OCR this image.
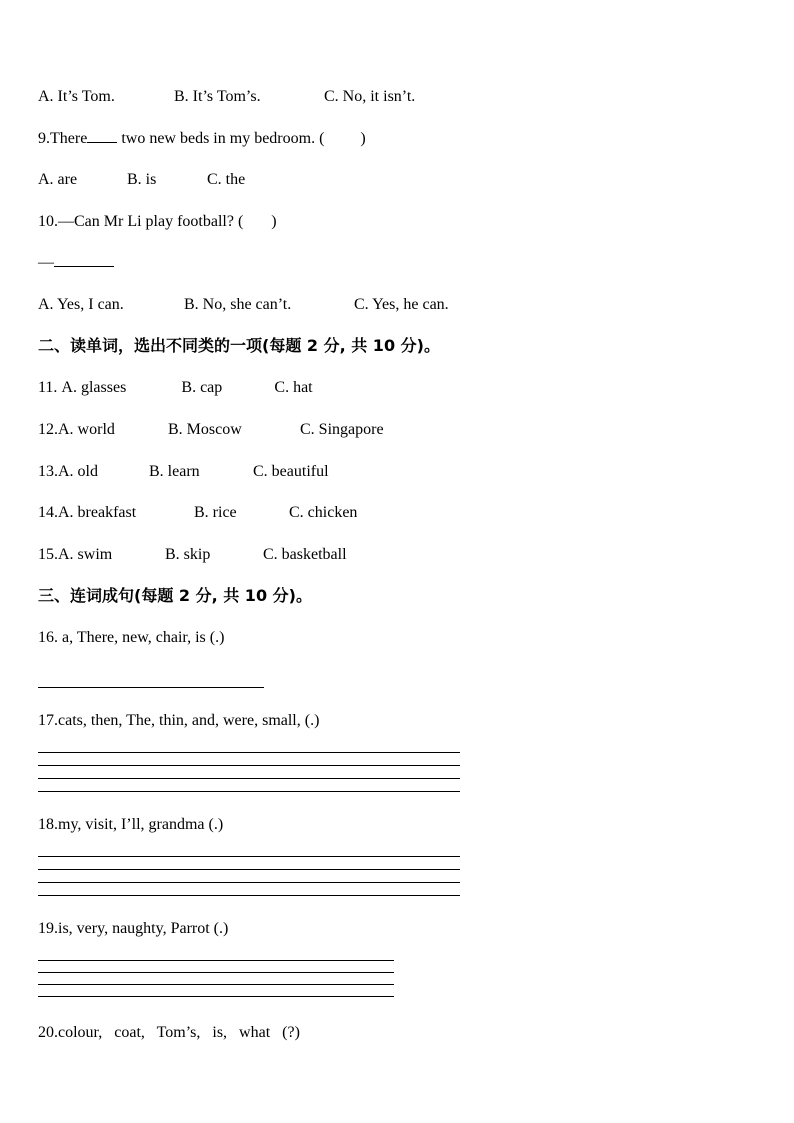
A. It’s Tom.	B. It’s Tom’s.	C. No, it isn’t.
9.There two new beds in my bedroom. ( )
A. are	B. is	C. the
10.—Can Mr Li play football? ( )
—
A. Yes, I can.	B. No, she can’t.	C. Yes, he can.
二、读单词，选出不同类的一项(每题 2 分, 共 10 分)。
11. A. glasses	B. cap	C. hat
12.A. world	B. Moscow	C. Singapore
13.A. old	B. learn	C. beautiful
14.A. breakfast	B. rice	C. chicken
15.A. swim	B. skip	C. basketball
三、连词成句(每题 2 分, 共 10 分)。
16. a, There, new, chair, is (.)
17.cats, then, The, thin, and, were, small, (.)
18.my, visit, I’ll, grandma (.)
19.is, very, naughty, Parrot (.)
20.colour,   coat,   Tom’s,   is,   what   (?)
